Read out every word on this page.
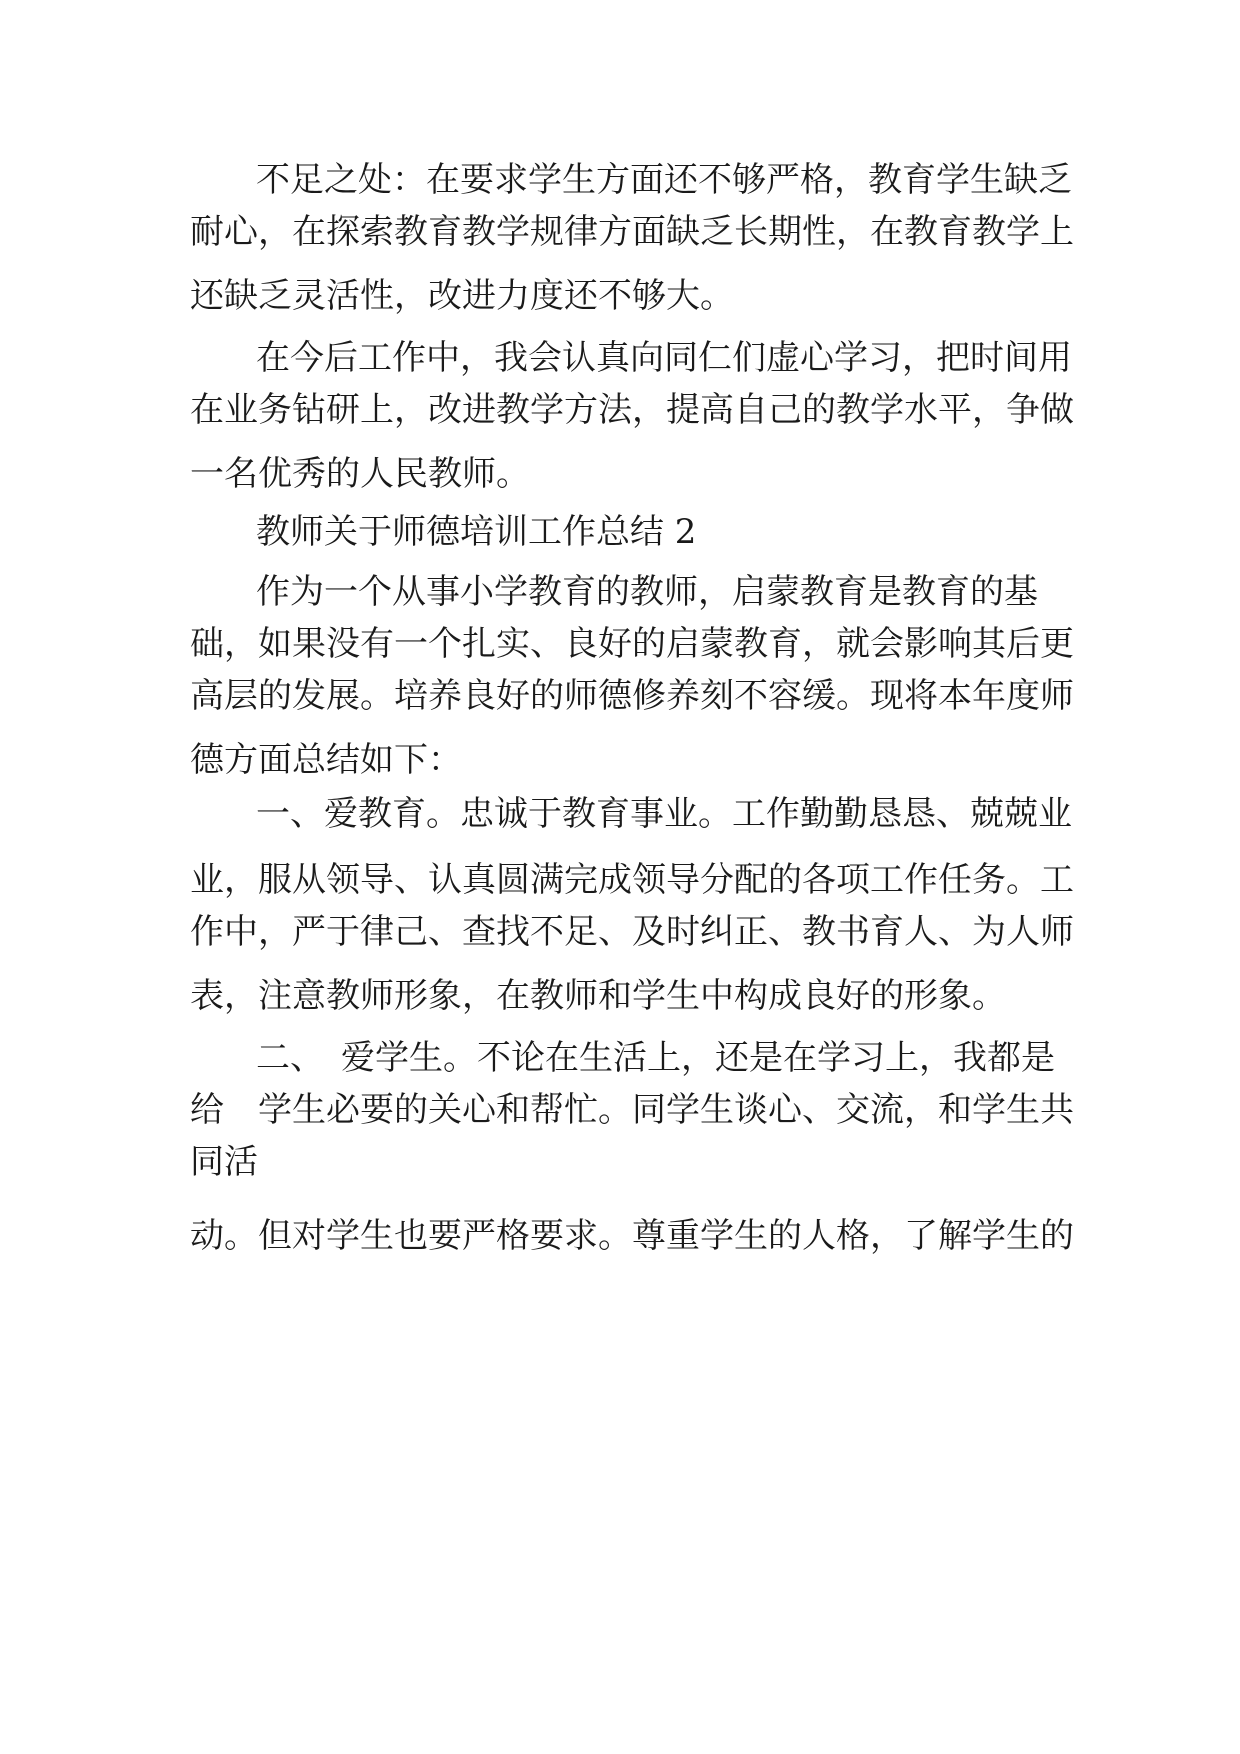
不足之处：在要求学生方面还不够严格，教育学生缺乏
耐心，在探索教育教学规律方面缺乏长期性，在教育教学上
还缺乏灵活性，改进力度还不够大。
在今后工作中，我会认真向同仁们虚心学习，把时间用
在业务钻研上，改进教学方法，提高自己的教学水平，争做
一名优秀的人民教师。
教师关于师德培训工作总结 2
作为一个从事小学教育的教师，启蒙教育是教育的基
础，如果没有一个扎实、良好的启蒙教育，就会影响其后更
高层的发展。培养良好的师德修养刻不容缓。现将本年度师
德方面总结如下：
一、爱教育。忠诚于教育事业。工作勤勤恳恳、兢兢业
业，服从领导、认真圆满完成领导分配的各项工作任务。工
作中，严于律己、查找不足、及时纠正、教书育人、为人师
表，注意教师形象，在教师和学生中构成良好的形象。
二、　爱学生。不论在生活上，还是在学习上，我都是
给　学生必要的关心和帮忙。同学生谈心、交流，和学生共
同活
动。但对学生也要严格要求。尊重学生的人格，了解学生的
